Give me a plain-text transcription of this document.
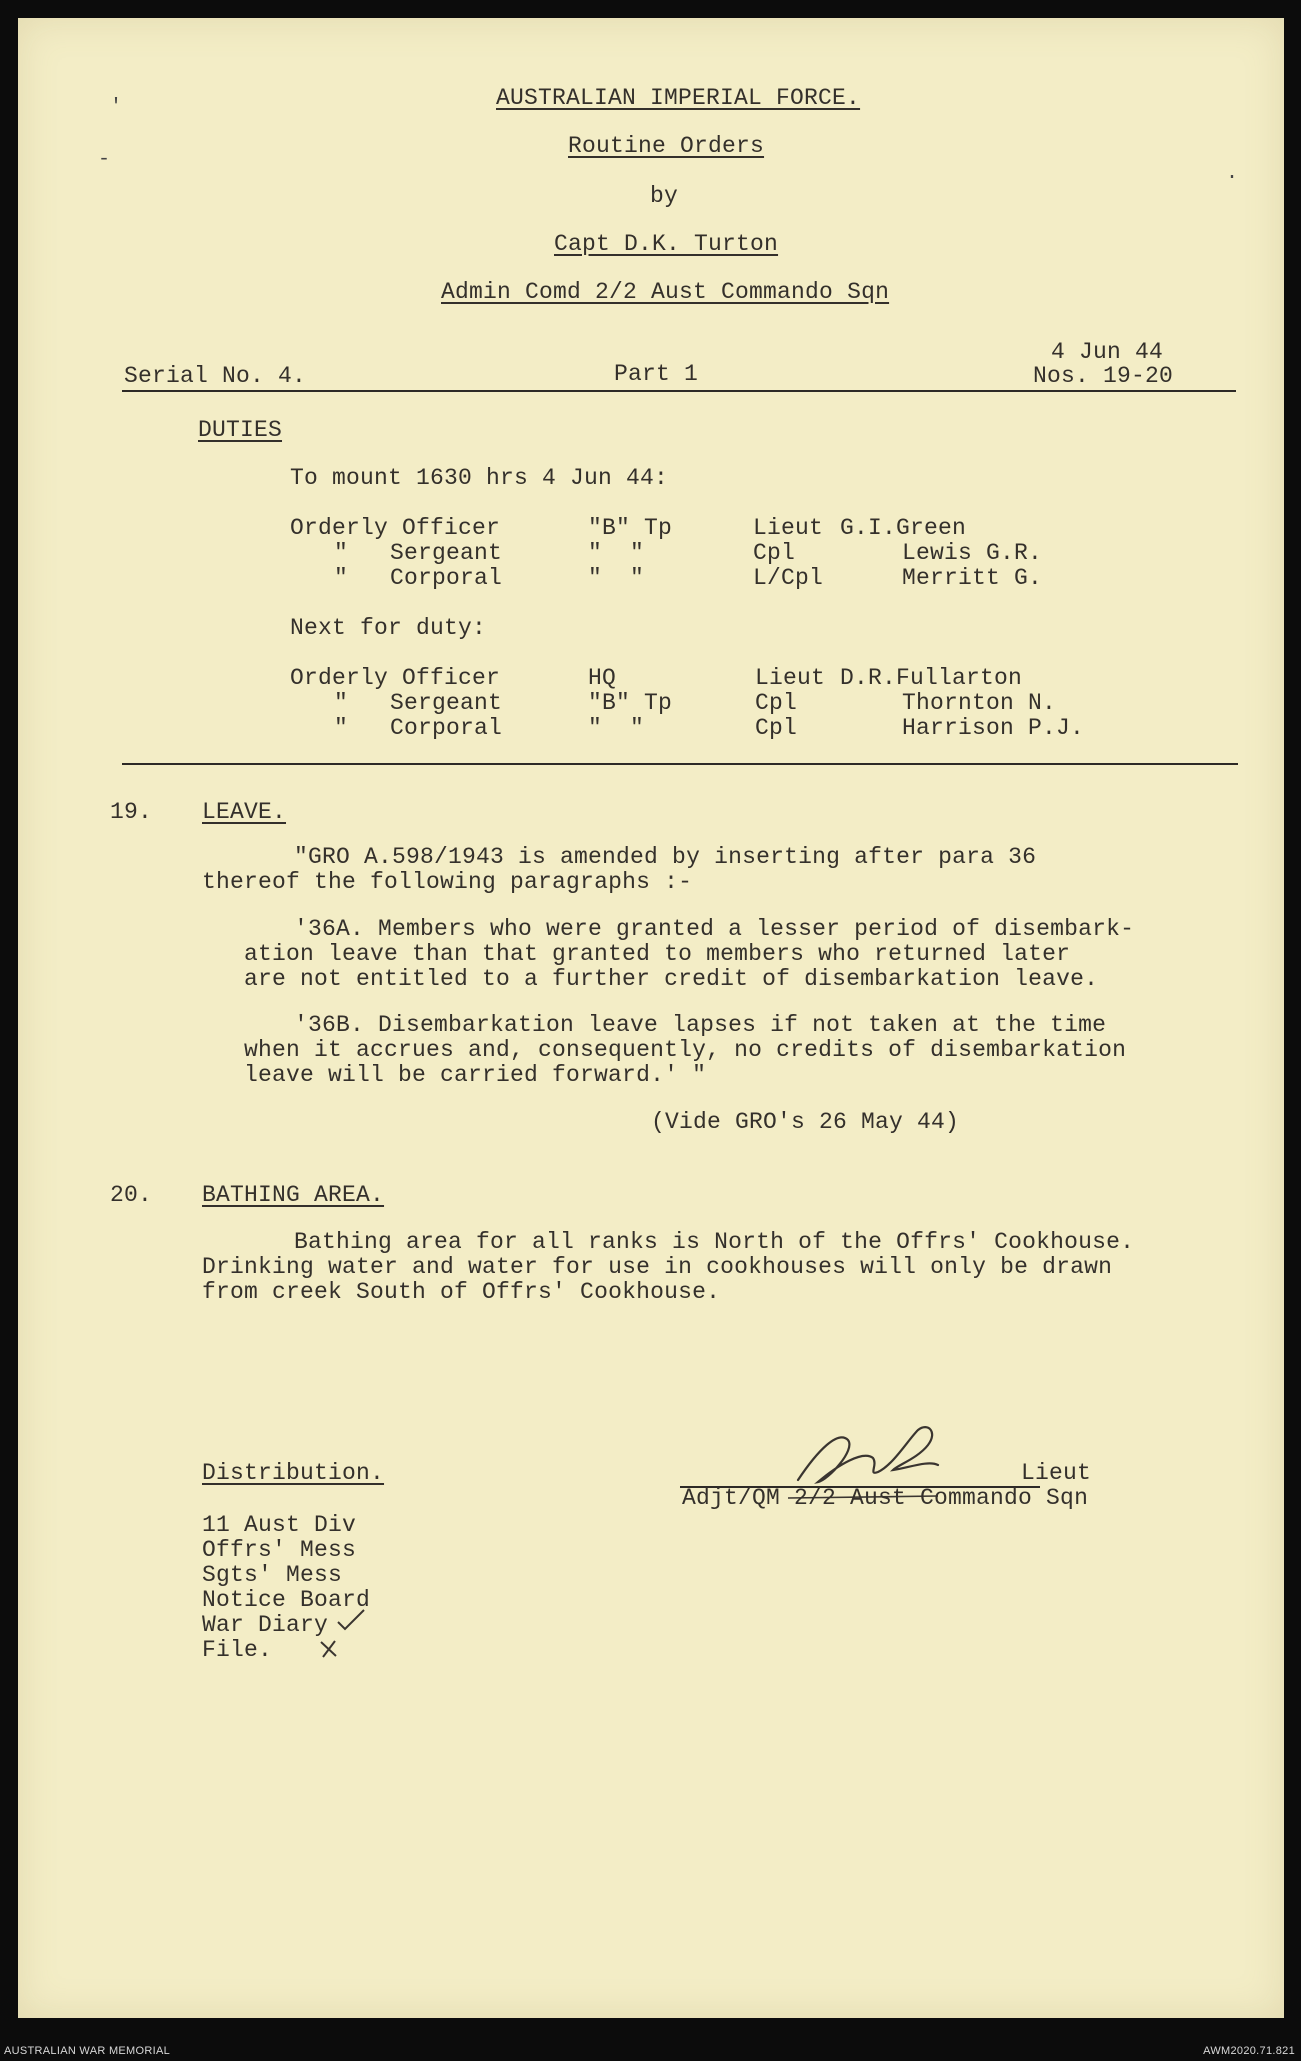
AUSTRALIAN IMPERIAL FORCE.
Routine Orders
by
Capt D.K. Turton
Admin Comd 2/2 Aust Commando Sqn
4 Jun 44
Serial No. 4.	Part 1	Nos. 19-20
DUTIES
To mount 1630 hrs 4 Jun 44:
Orderly Officer	"B" Tp	Lieut G.I.Green
"   Sergeant	"  "	Cpl	Lewis G.R.
"   Corporal	"  "	L/Cpl	Merritt G.
Next for duty:
Orderly Officer	HQ	Lieut D.R.Fullarton
"   Sergeant	"B" Tp	Cpl	Thornton N.
"   Corporal	"  "	Cpl	Harrison P.J.
19. LEAVE.
"GRO A.598/1943 is amended by inserting after para 36
thereof the following paragraphs :-
'36A. Members who were granted a lesser period of disembark-
ation leave than that granted to members who returned later
are not entitled to a further credit of disembarkation leave.
'36B. Disembarkation leave lapses if not taken at the time
when it accrues and, consequently, no credits of disembarkation
leave will be carried forward.' "
(Vide GRO's 26 May 44)
20. BATHING AREA.
Bathing area for all ranks is North of the Offrs' Cookhouse.
Drinking water and water for use in cookhouses will only be drawn
from creek South of Offrs' Cookhouse.
Lieut
Adjt/QM 2/2 Aust Commando Sqn
Distribution.
11 Aust Div
Offrs' Mess
Sgts' Mess
Notice Board
War Diary
File.
′
-
·
AUSTRALIAN WAR MEMORIAL	AWM2020.71.821
